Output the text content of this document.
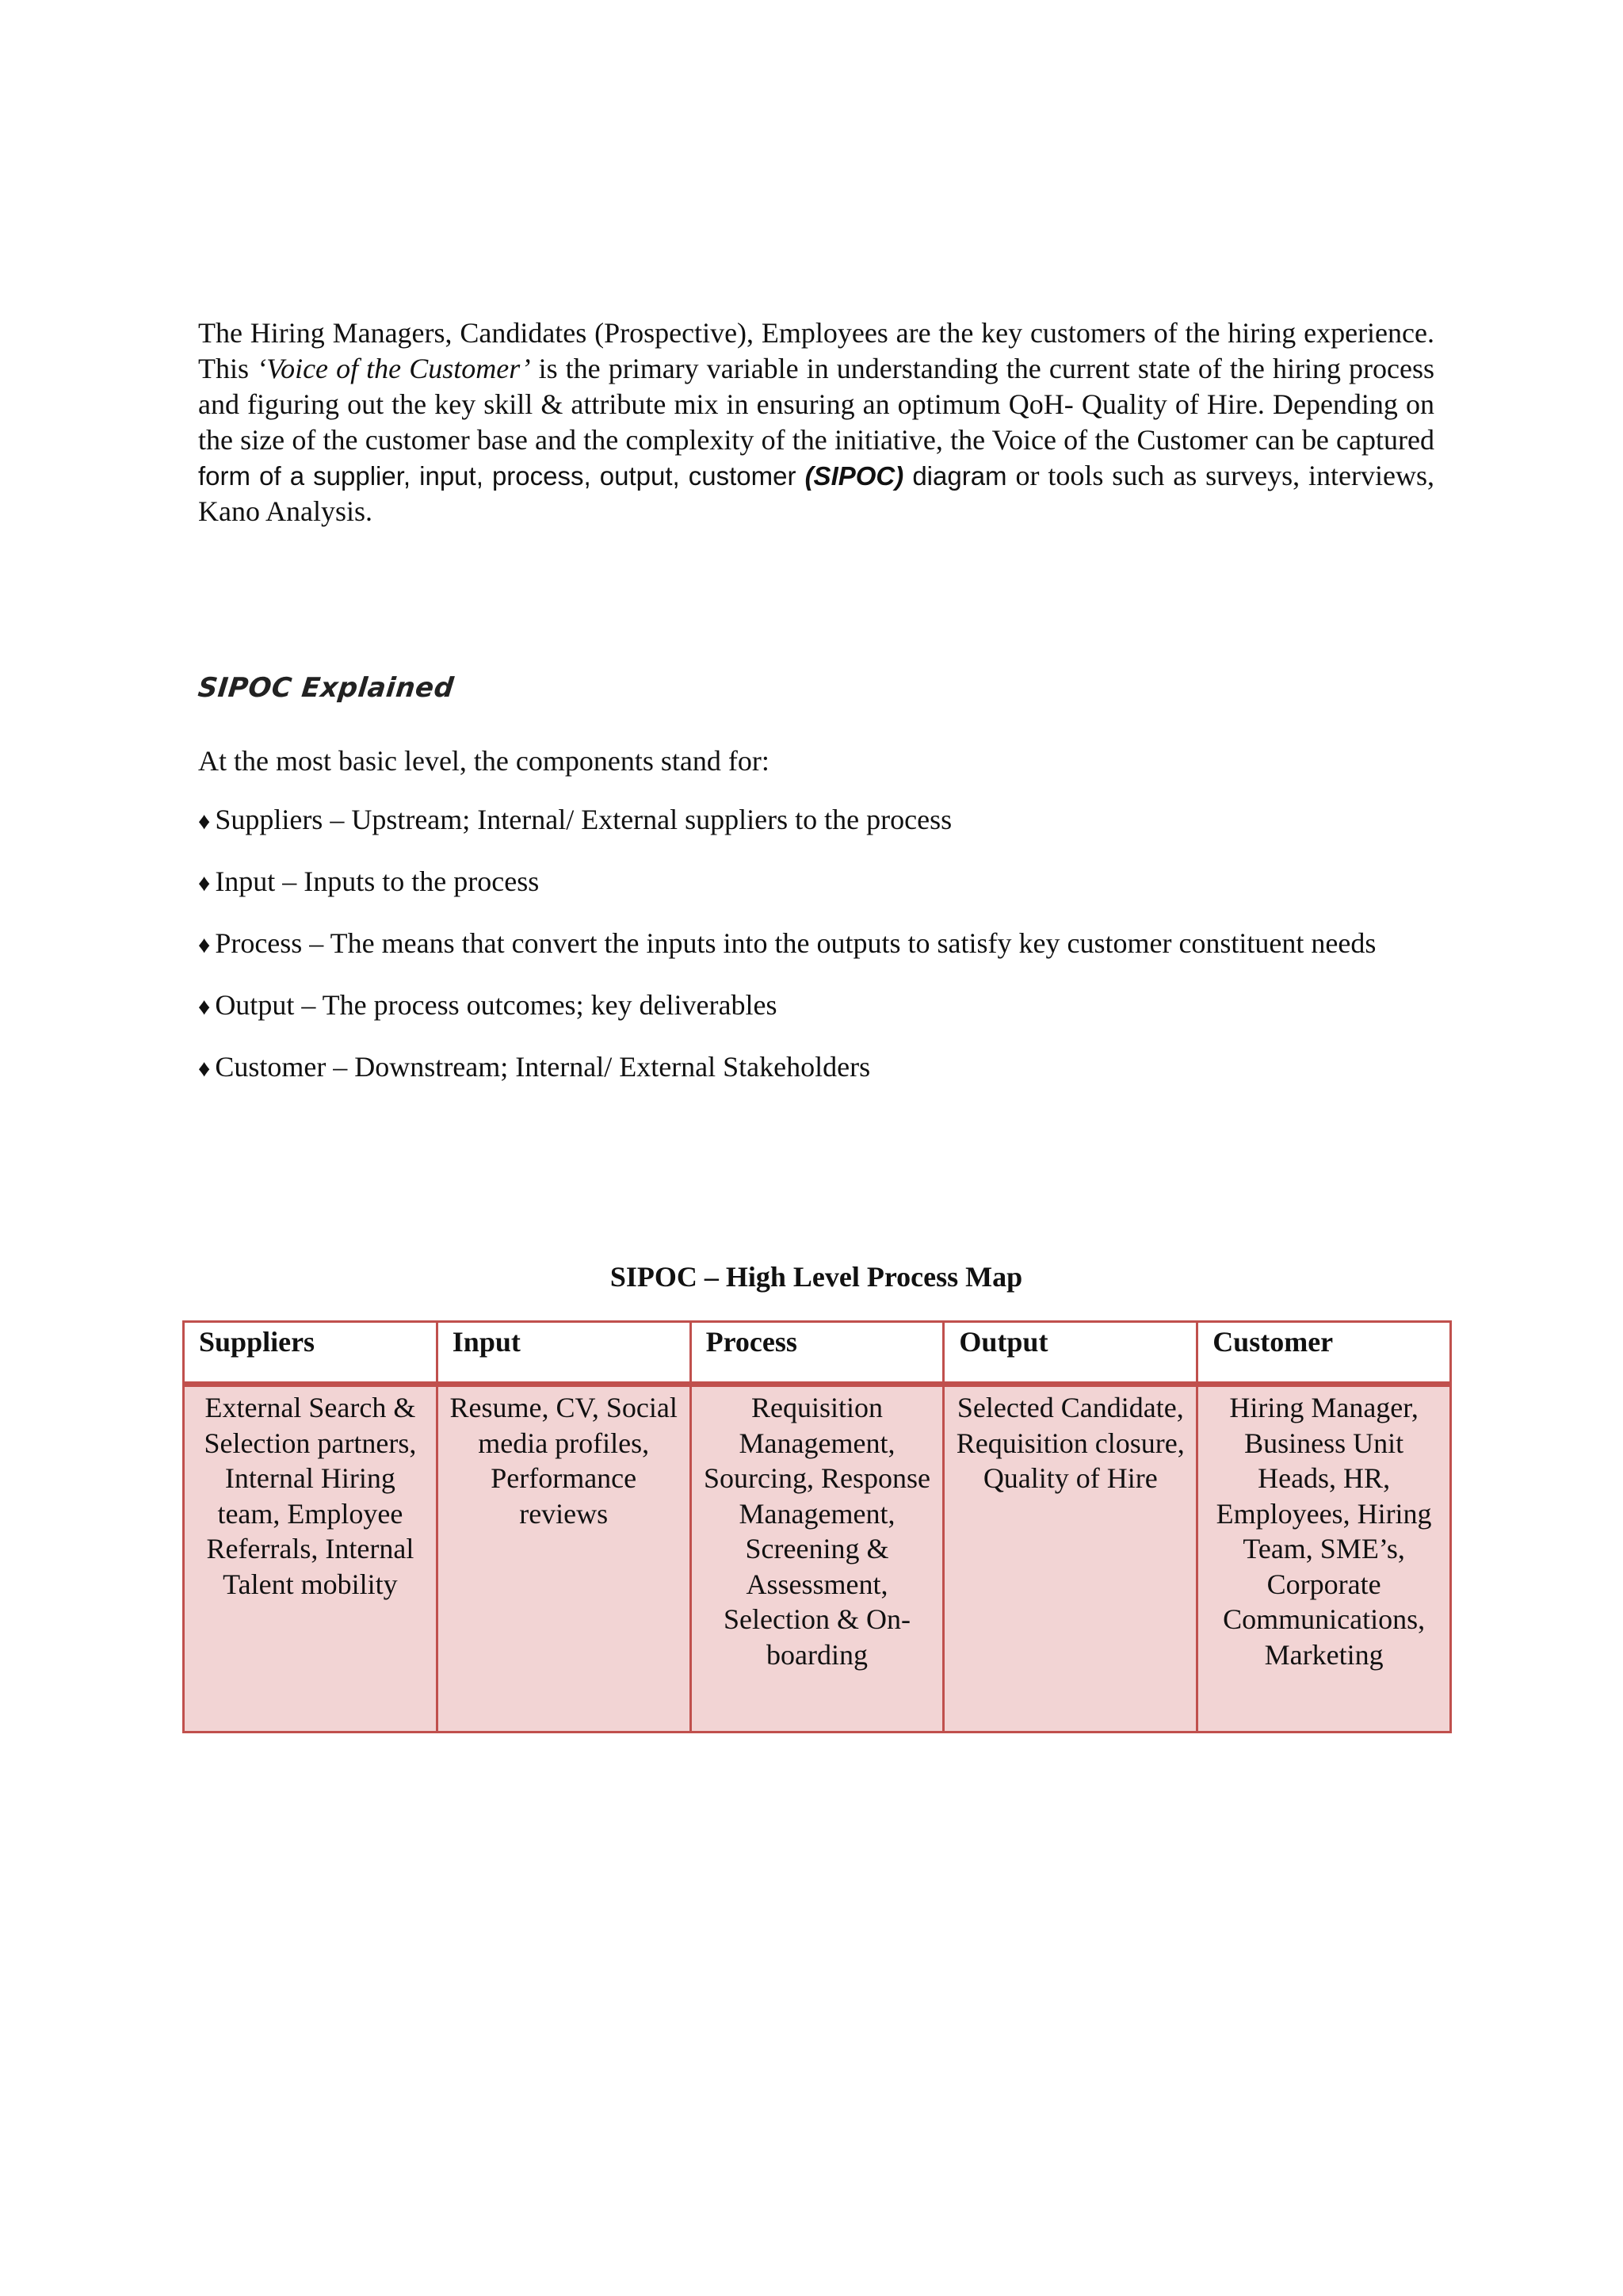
The Hiring Managers, Candidates (Prospective), Employees are the key customers of the hiring experience. This ‘Voice of the Customer’ is the primary variable in understanding the current state of the hiring process and figuring out the key skill & attribute mix in ensuring an optimum QoH- Quality of Hire. Depending on the size of the customer base and the complexity of the initiative, the Voice of the Customer can be captured form of a supplier, input, process, output, customer (SIPOC) diagram or tools such as surveys, interviews, Kano Analysis.

SIPOC Explained

At the most basic level, the components stand for:

♦ Suppliers – Upstream; Internal/ External suppliers to the process
♦ Input – Inputs to the process
♦ Process – The means that convert the inputs into the outputs to satisfy key customer constituent needs
♦ Output – The process outcomes; key deliverables
♦ Customer – Downstream; Internal/ External Stakeholders

SIPOC – High Level Process Map

Suppliers	Input	Process	Output	Customer
External Search & Selection partners, Internal Hiring team, Employee Referrals, Internal Talent mobility	Resume, CV, Social media profiles, Performance reviews	Requisition Management, Sourcing, Response Management, Screening & Assessment, Selection & On-boarding	Selected Candidate, Requisition closure, Quality of Hire	Hiring Manager, Business Unit Heads, HR, Employees, Hiring Team, SME’s, Corporate Communications, Marketing
